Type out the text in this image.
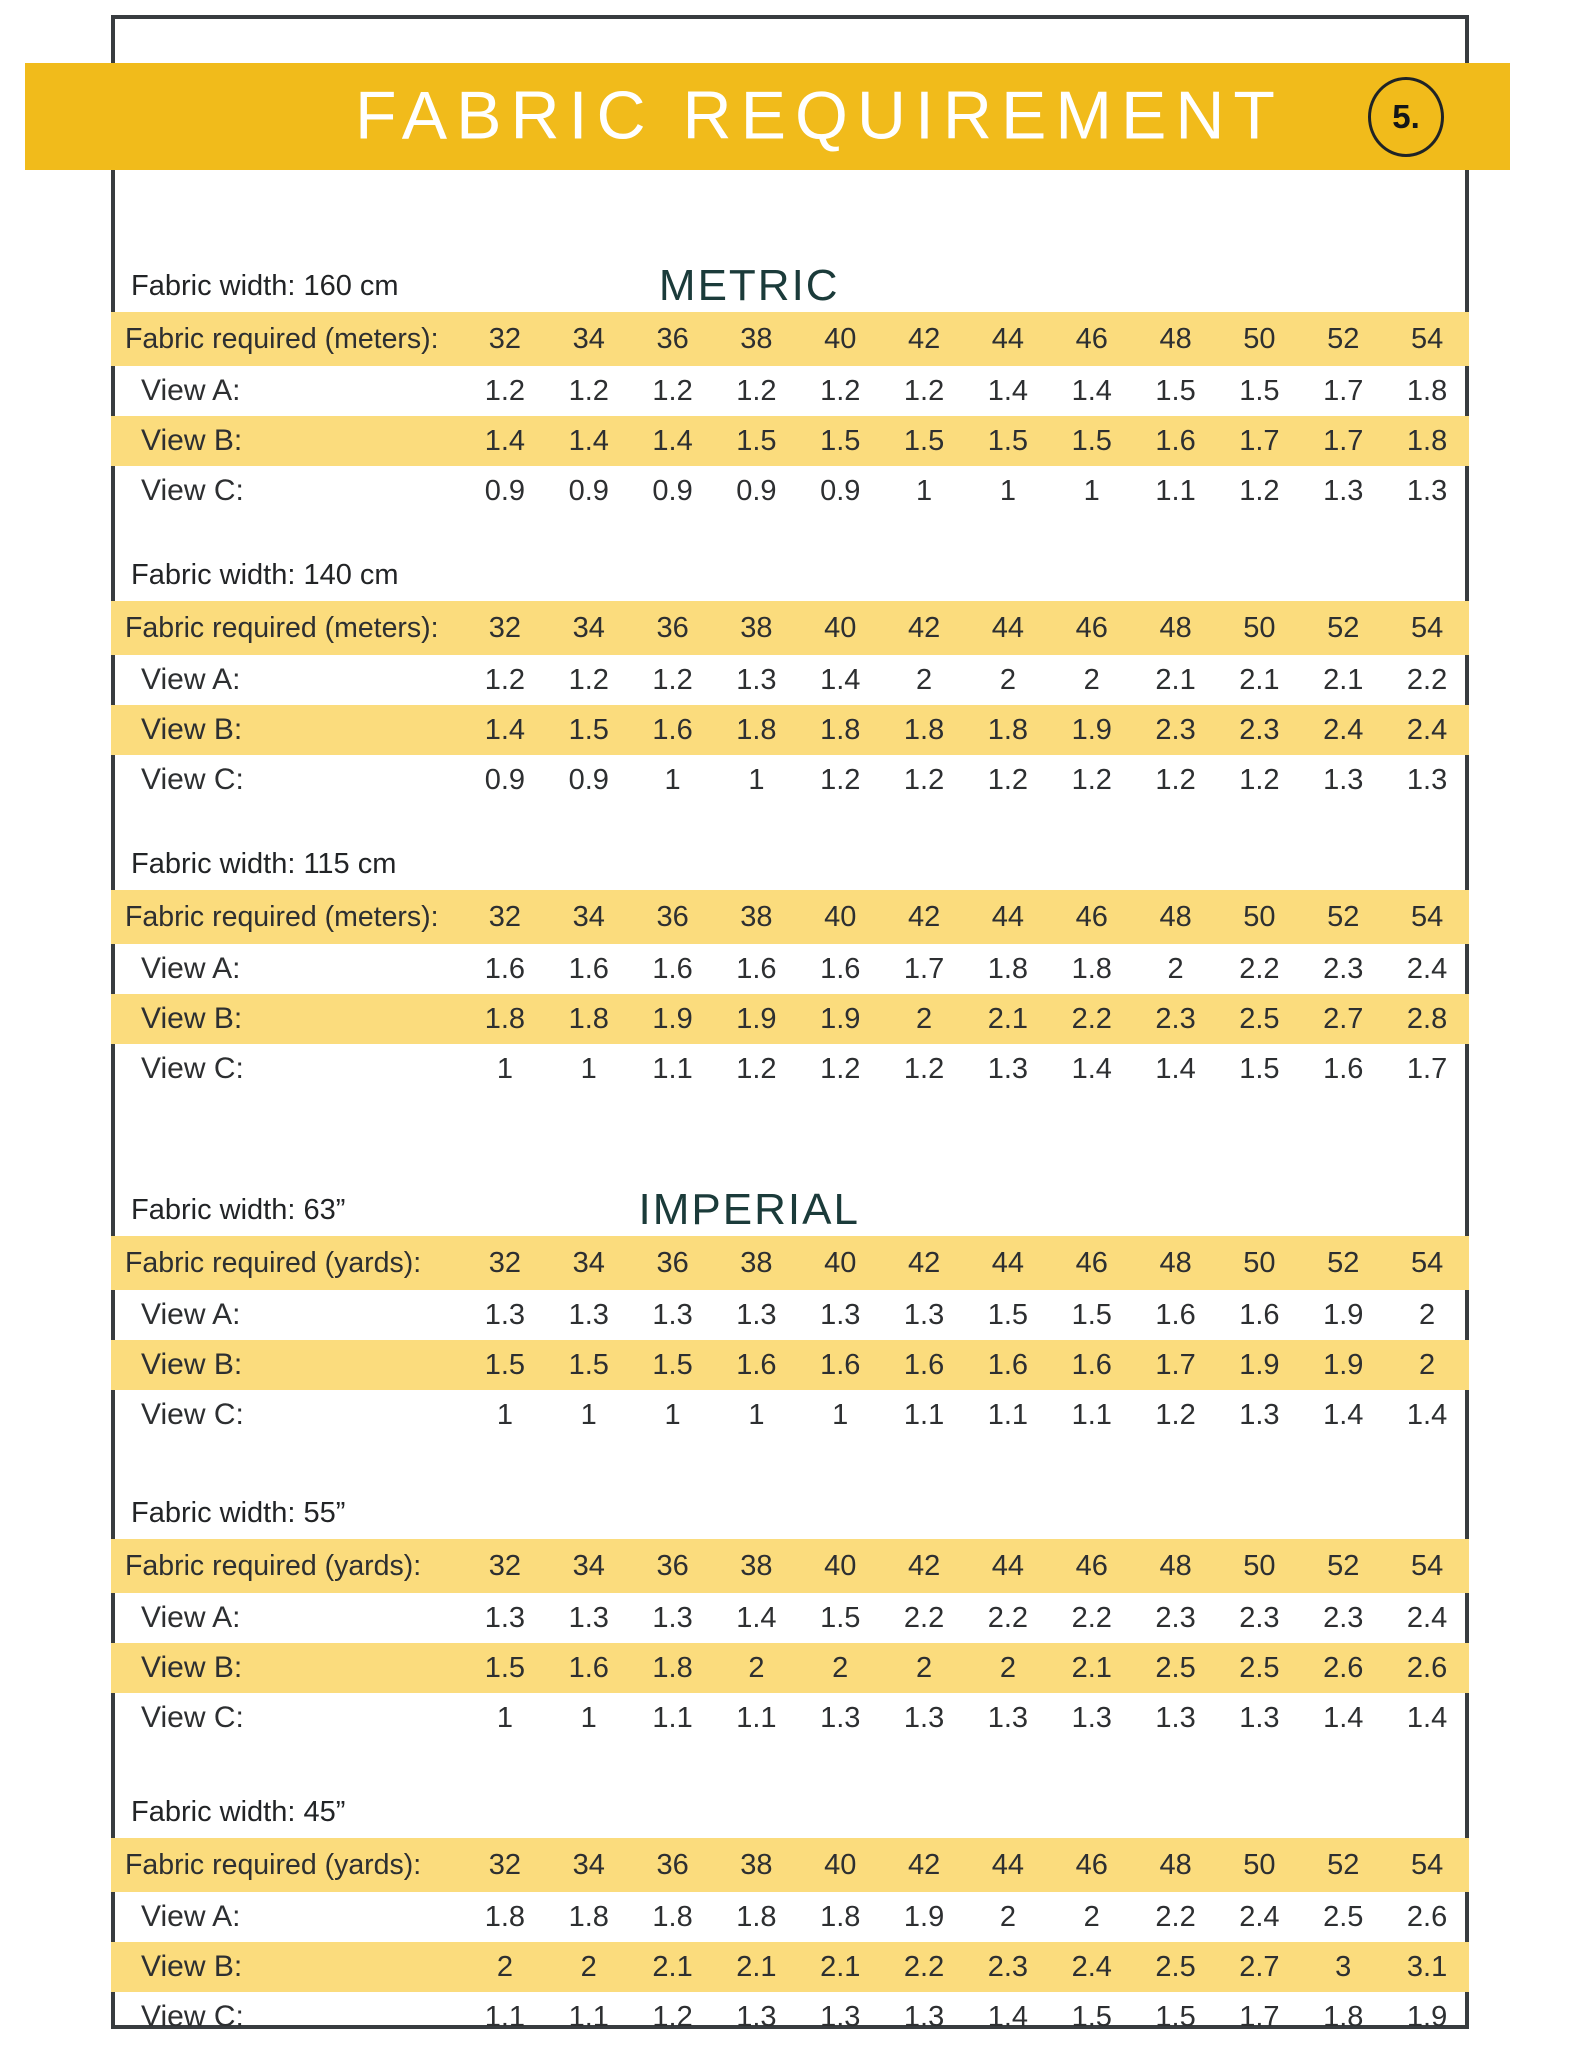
FABRIC REQUIREMENT	5.
METRIC
Fabric width: 160 cm
Fabric required (meters):	32	34	36	38	40	42	44	46	48	50	52	54
View A:	1.2	1.2	1.2	1.2	1.2	1.2	1.4	1.4	1.5	1.5	1.7	1.8
View B:	1.4	1.4	1.4	1.5	1.5	1.5	1.5	1.5	1.6	1.7	1.7	1.8
View C:	0.9	0.9	0.9	0.9	0.9	1	1	1	1.1	1.2	1.3	1.3
Fabric width: 140 cm
Fabric required (meters):	32	34	36	38	40	42	44	46	48	50	52	54
View A:	1.2	1.2	1.2	1.3	1.4	2	2	2	2.1	2.1	2.1	2.2
View B:	1.4	1.5	1.6	1.8	1.8	1.8	1.8	1.9	2.3	2.3	2.4	2.4
View C:	0.9	0.9	1	1	1.2	1.2	1.2	1.2	1.2	1.2	1.3	1.3
Fabric width: 115 cm
Fabric required (meters):	32	34	36	38	40	42	44	46	48	50	52	54
View A:	1.6	1.6	1.6	1.6	1.6	1.7	1.8	1.8	2	2.2	2.3	2.4
View B:	1.8	1.8	1.9	1.9	1.9	2	2.1	2.2	2.3	2.5	2.7	2.8
View C:	1	1	1.1	1.2	1.2	1.2	1.3	1.4	1.4	1.5	1.6	1.7
IMPERIAL
Fabric width: 63”
Fabric required (yards):	32	34	36	38	40	42	44	46	48	50	52	54
View A:	1.3	1.3	1.3	1.3	1.3	1.3	1.5	1.5	1.6	1.6	1.9	2
View B:	1.5	1.5	1.5	1.6	1.6	1.6	1.6	1.6	1.7	1.9	1.9	2
View C:	1	1	1	1	1	1.1	1.1	1.1	1.2	1.3	1.4	1.4
Fabric width: 55”
Fabric required (yards):	32	34	36	38	40	42	44	46	48	50	52	54
View A:	1.3	1.3	1.3	1.4	1.5	2.2	2.2	2.2	2.3	2.3	2.3	2.4
View B:	1.5	1.6	1.8	2	2	2	2	2.1	2.5	2.5	2.6	2.6
View C:	1	1	1.1	1.1	1.3	1.3	1.3	1.3	1.3	1.3	1.4	1.4
Fabric width: 45”
Fabric required (yards):	32	34	36	38	40	42	44	46	48	50	52	54
View A:	1.8	1.8	1.8	1.8	1.8	1.9	2	2	2.2	2.4	2.5	2.6
View B:	2	2	2.1	2.1	2.1	2.2	2.3	2.4	2.5	2.7	3	3.1
View C:	1.1	1.1	1.2	1.3	1.3	1.3	1.4	1.5	1.5	1.7	1.8	1.9
